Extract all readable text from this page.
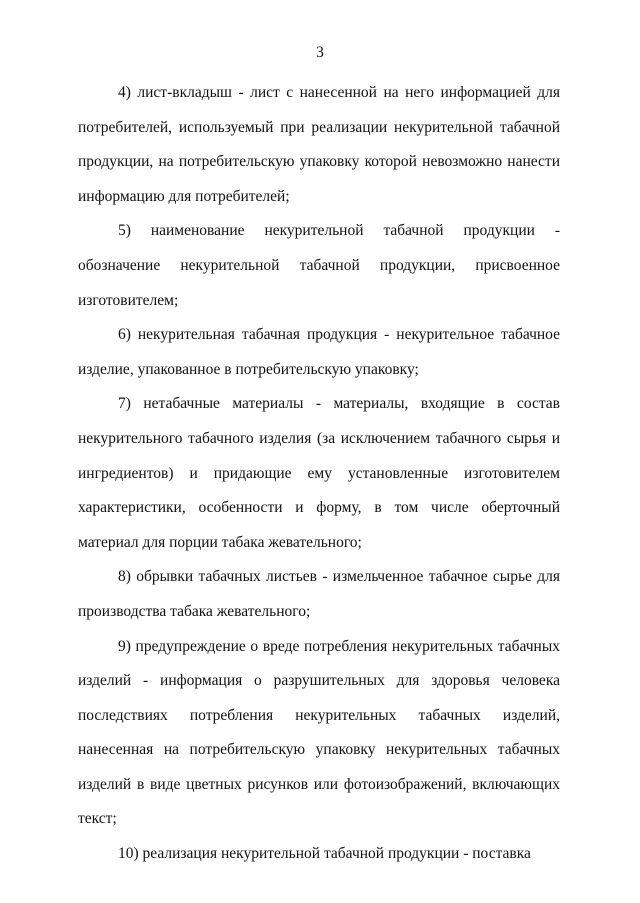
3

4) лист-вкладыш - лист с нанесенной на него информацией для потребителей, используемый при реализации некурительной табачной продукции, на потребительскую упаковку которой невозможно нанести информацию для потребителей;

5) наименование некурительной табачной продукции - обозначение некурительной табачной продукции, присвоенное изготовителем;

6) некурительная табачная продукция - некурительное табачное изделие, упакованное в потребительскую упаковку;

7) нетабачные материалы - материалы, входящие в состав некурительного табачного изделия (за исключением табачного сырья и ингредиентов) и придающие ему установленные изготовителем характеристики, особенности и форму, в том числе оберточный материал для порции табака жевательного;

8) обрывки табачных листьев - измельченное табачное сырье для производства табака жевательного;

9) предупреждение о вреде потребления некурительных табачных изделий - информация о разрушительных для здоровья человека последствиях потребления некурительных табачных изделий, нанесенная на потребительскую упаковку некурительных табачных изделий в виде цветных рисунков или фотоизображений, включающих текст;

10) реализация некурительной табачной продукции - поставка
